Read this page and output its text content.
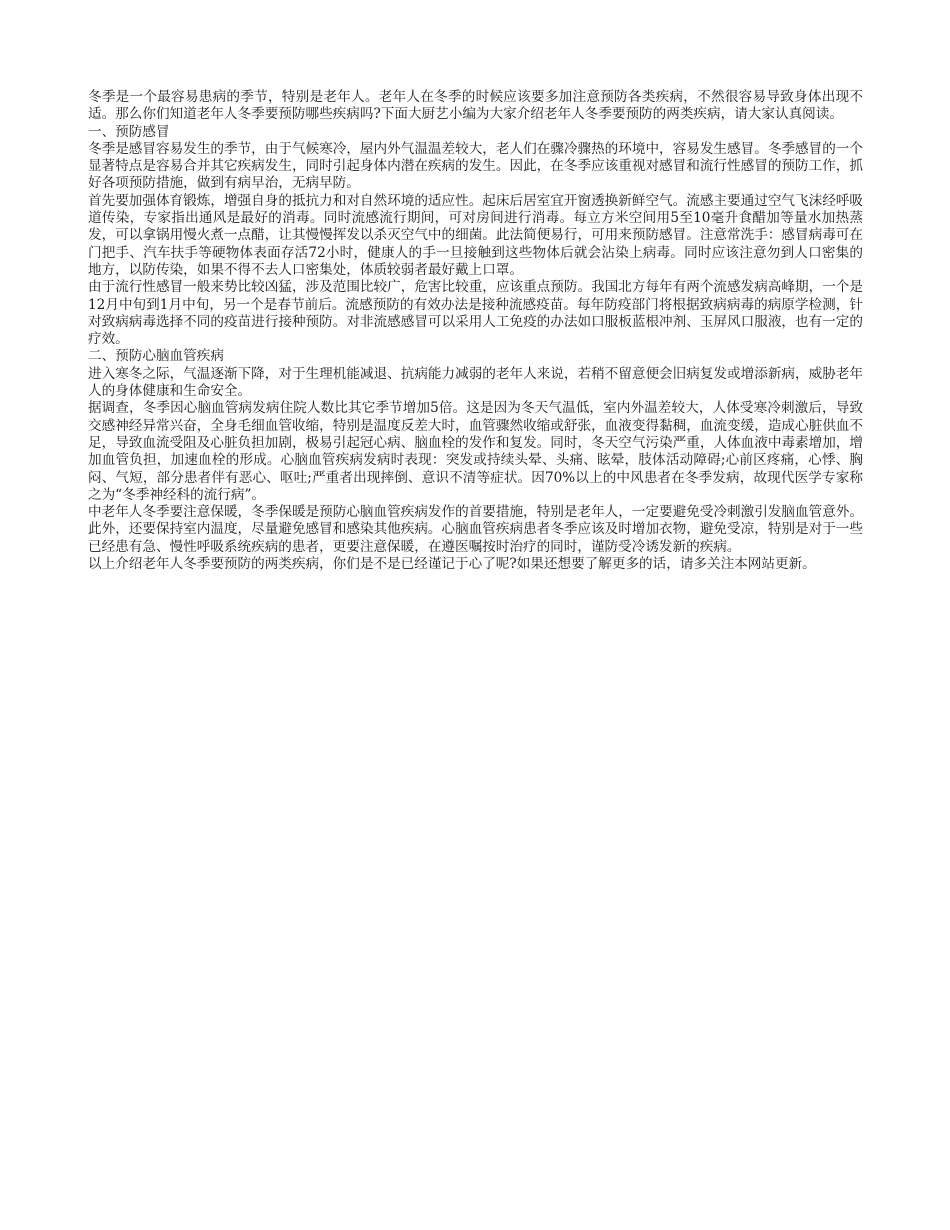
冬季是一个最容易患病的季节，特别是老年人。老年人在冬季的时候应该要多加注意预防各类疾病，不然很容易导致身体出现不适。那么你们知道老年人冬季要预防哪些疾病吗?下面大厨艺小编为大家介绍老年人冬季要预防的两类疾病，请大家认真阅读。

一、预防感冒

冬季是感冒容易发生的季节，由于气候寒冷，屋内外气温温差较大，老人们在骤冷骤热的环境中，容易发生感冒。冬季感冒的一个显著特点是容易合并其它疾病发生，同时引起身体内潜在疾病的发生。因此，在冬季应该重视对感冒和流行性感冒的预防工作，抓好各项预防措施，做到有病早治，无病早防。

首先要加强体育锻炼，增强自身的抵抗力和对自然环境的适应性。起床后居室宜开窗透换新鲜空气。流感主要通过空气飞沫经呼吸道传染，专家指出通风是最好的消毒。同时流感流行期间，可对房间进行消毒。每立方米空间用5至10毫升食醋加等量水加热蒸发，可以拿锅用慢火煮一点醋，让其慢慢挥发以杀灭空气中的细菌。此法简便易行，可用来预防感冒。注意常洗手：感冒病毒可在门把手、汽车扶手等硬物体表面存活72小时，健康人的手一旦接触到这些物体后就会沾染上病毒。同时应该注意勿到人口密集的地方，以防传染，如果不得不去人口密集处，体质较弱者最好戴上口罩。

由于流行性感冒一般来势比较凶猛，涉及范围比较广，危害比较重，应该重点预防。我国北方每年有两个流感发病高峰期，一个是12月中旬到1月中旬，另一个是春节前后。流感预防的有效办法是接种流感疫苗。每年防疫部门将根据致病病毒的病原学检测，针对致病病毒选择不同的疫苗进行接种预防。对非流感感冒可以采用人工免疫的办法如口服板蓝根冲剂、玉屏风口服液，也有一定的疗效。

二、预防心脑血管疾病

进入寒冬之际，气温逐渐下降，对于生理机能减退、抗病能力减弱的老年人来说，若稍不留意便会旧病复发或增添新病，威胁老年人的身体健康和生命安全。

据调查，冬季因心脑血管病发病住院人数比其它季节增加5倍。这是因为冬天气温低，室内外温差较大，人体受寒冷刺激后，导致交感神经异常兴奋，全身毛细血管收缩，特别是温度反差大时，血管骤然收缩或舒张，血液变得黏稠，血流变缓，造成心脏供血不足，导致血流受阻及心脏负担加剧，极易引起冠心病、脑血栓的发作和复发。同时，冬天空气污染严重，人体血液中毒素增加，增加血管负担，加速血栓的形成。心脑血管疾病发病时表现：突发或持续头晕、头痛、眩晕，肢体活动障碍;心前区疼痛，心悸、胸闷、气短，部分患者伴有恶心、呕吐;严重者出现摔倒、意识不清等症状。因70%以上的中风患者在冬季发病，故现代医学专家称之为“冬季神经科的流行病”。

中老年人冬季要注意保暖，冬季保暖是预防心脑血管疾病发作的首要措施，特别是老年人，一定要避免受冷刺激引发脑血管意外。此外，还要保持室内温度，尽量避免感冒和感染其他疾病。心脑血管疾病患者冬季应该及时增加衣物，避免受凉，特别是对于一些已经患有急、慢性呼吸系统疾病的患者，更要注意保暖，在遵医嘱按时治疗的同时，谨防受冷诱发新的疾病。

以上介绍老年人冬季要预防的两类疾病，你们是不是已经谨记于心了呢?如果还想要了解更多的话，请多关注本网站更新。
